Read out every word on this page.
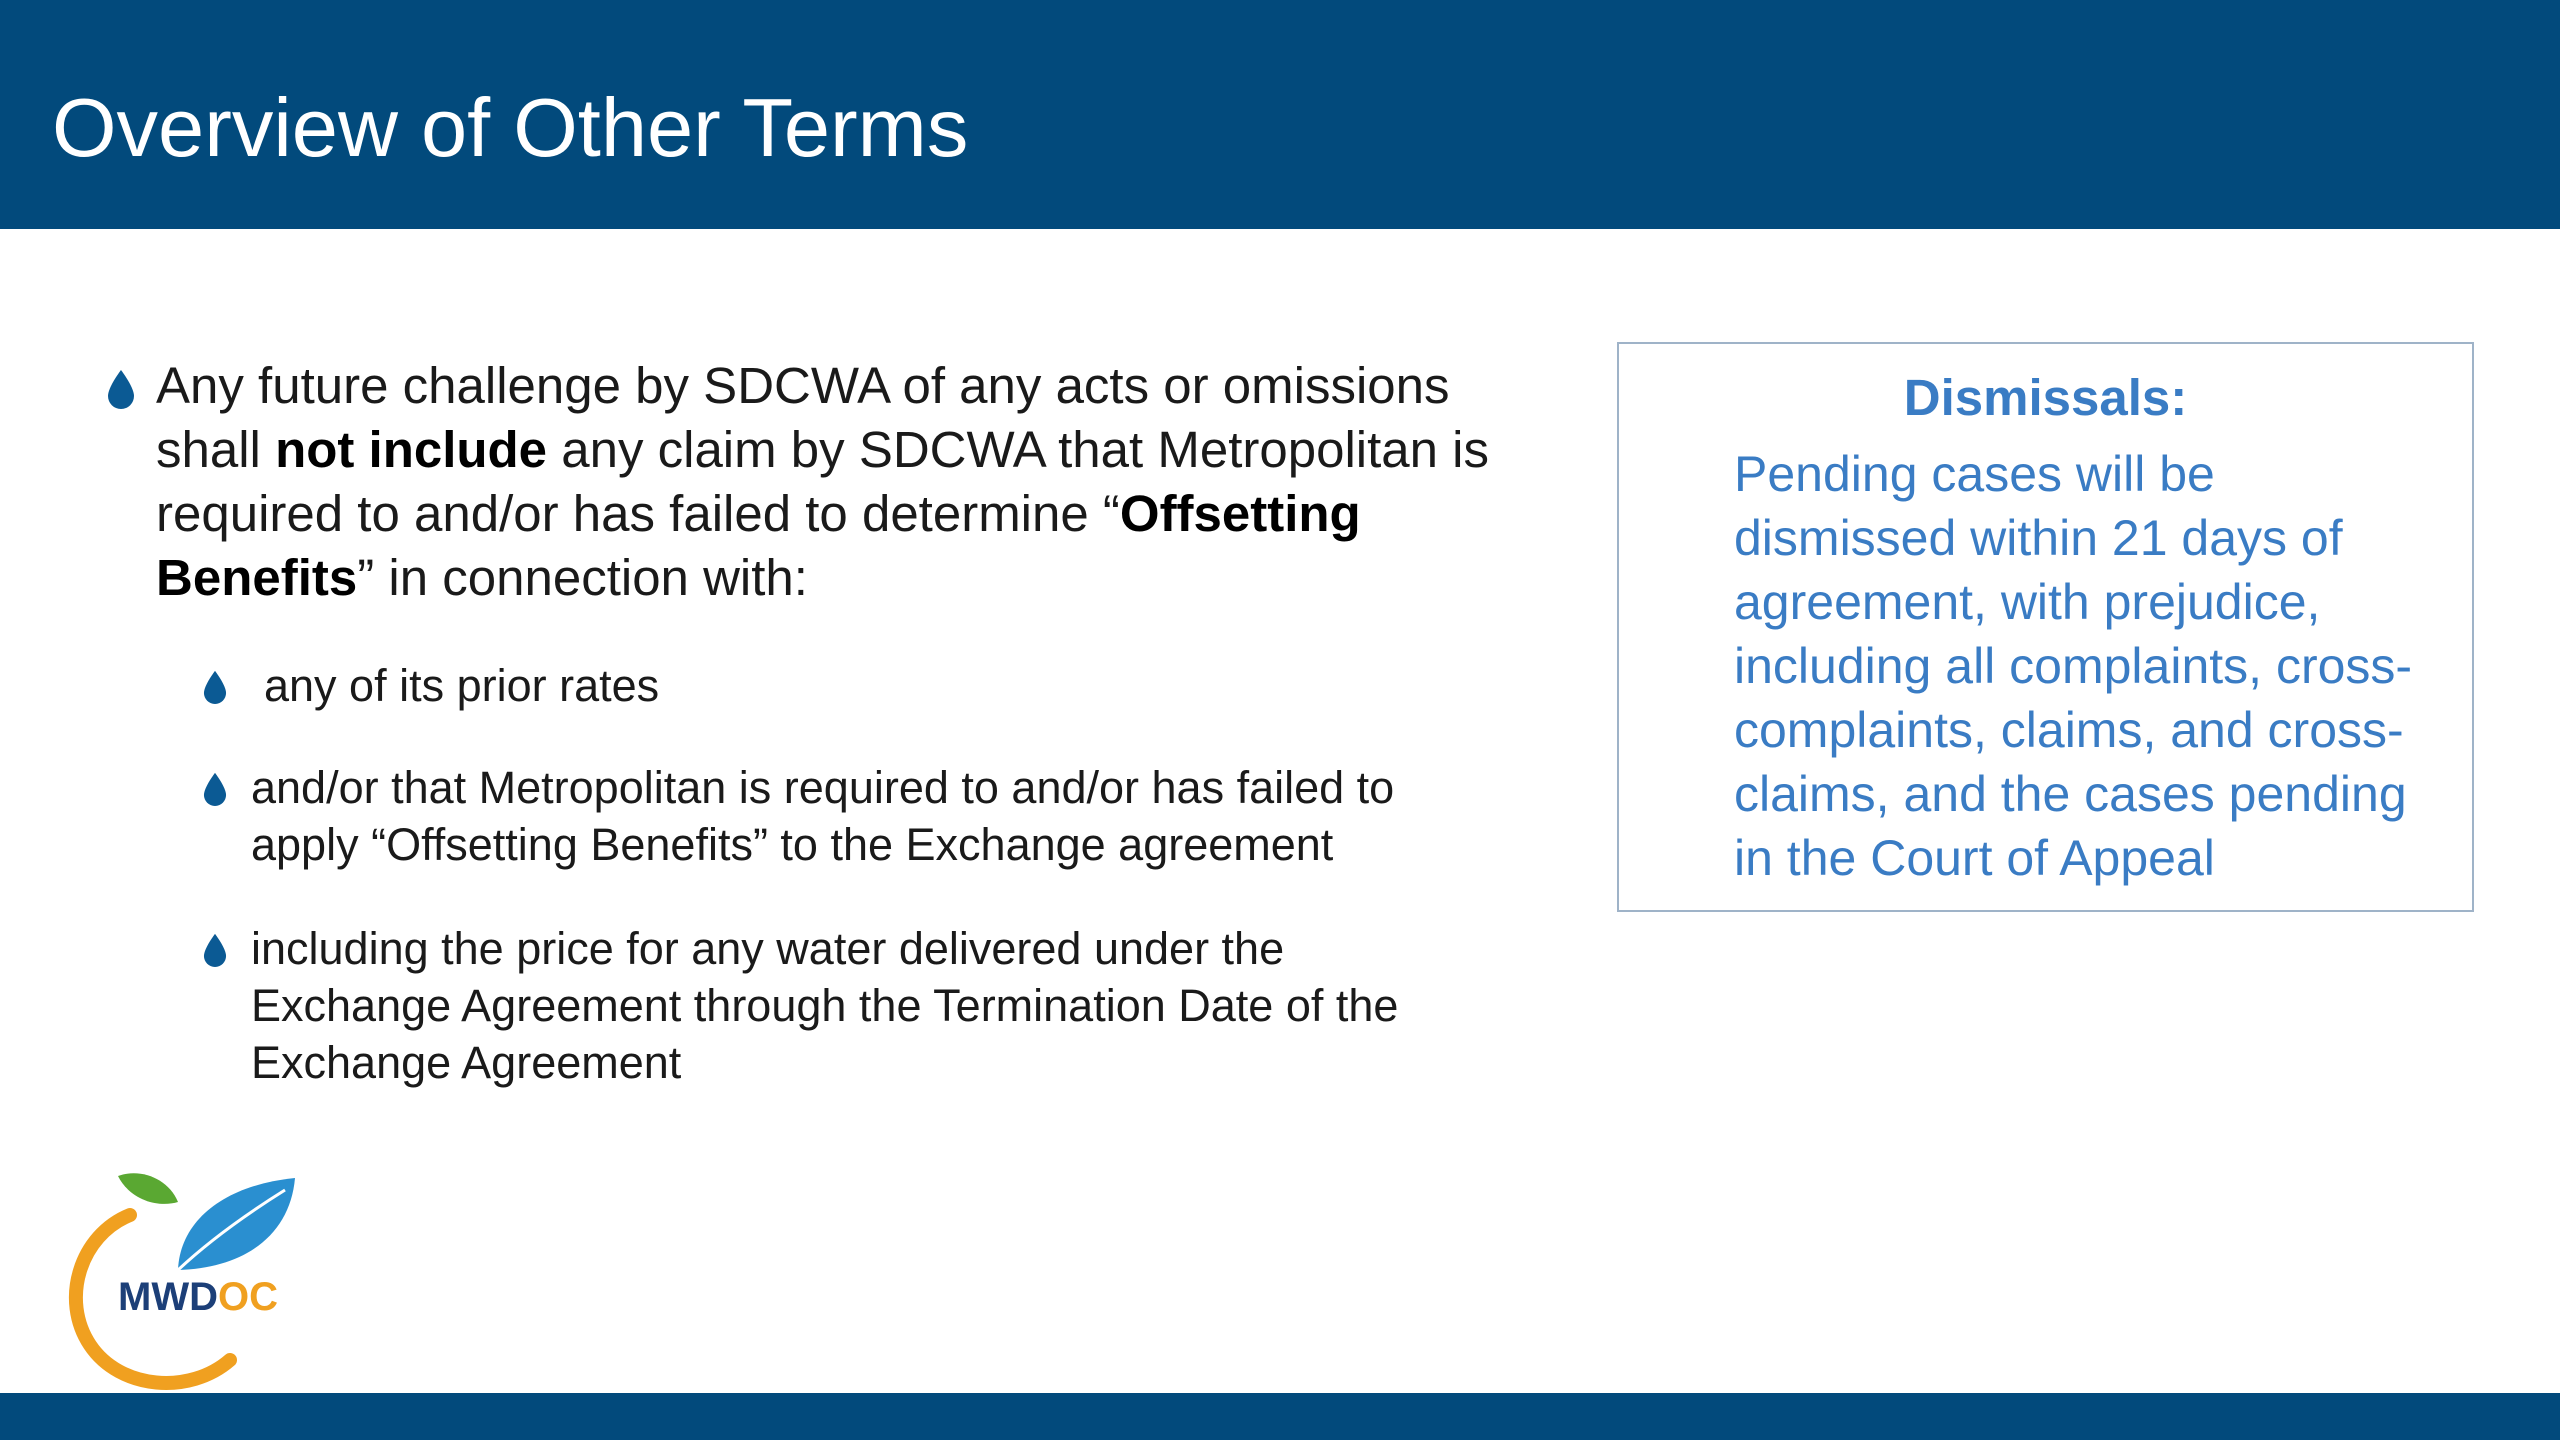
Overview of Other Terms

Any future challenge by SDCWA of any acts or omissions shall not include any claim by SDCWA that Metropolitan is required to and/or has failed to determine “Offsetting Benefits” in connection with:

any of its prior rates
and/or that Metropolitan is required to and/or has failed to
apply “Offsetting Benefits” to the Exchange agreement
including the price for any water delivered under the
Exchange Agreement through the Termination Date of the
Exchange Agreement
Dismissals:
Pending cases will be
dismissed within 21 days of
agreement, with prejudice,
including all complaints, cross-
complaints, claims, and cross-
claims, and the cases pending
in the Court of Appeal
MWDOC
